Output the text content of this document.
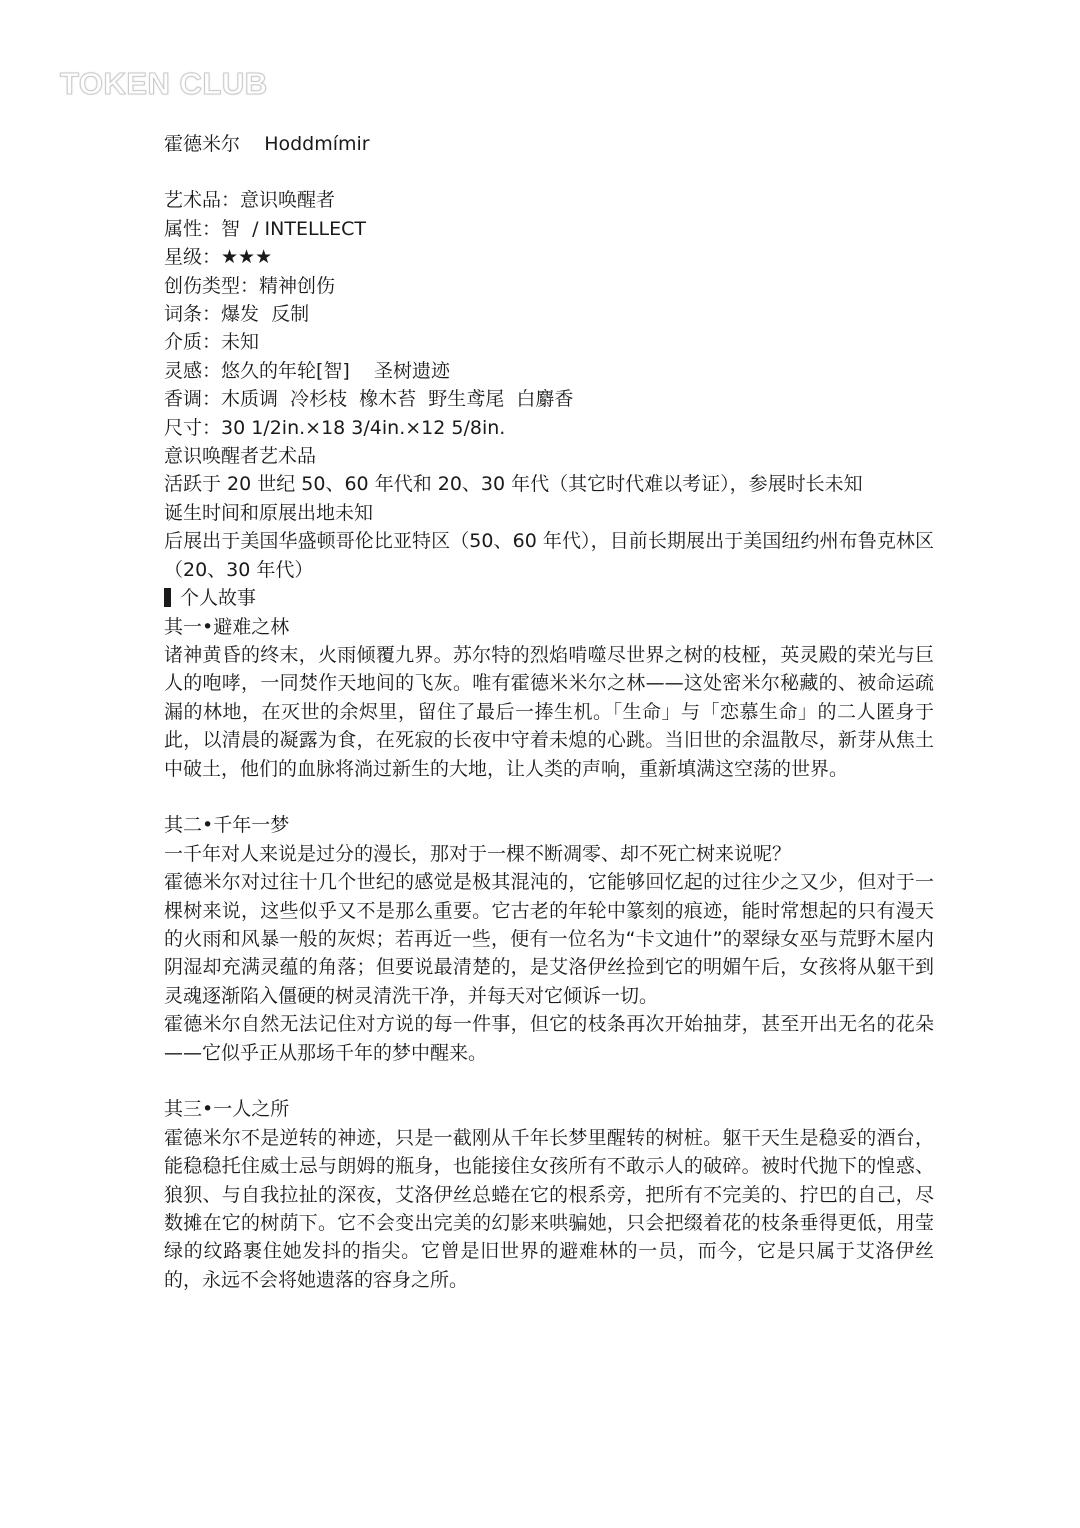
TOKEN CLUB
霍德米尔 Hoddmímir
艺术品：意识唤醒者
属性：智  / INTELLECT
星级：★★★
创伤类型：精神创伤
词条：爆发  反制
介质：未知
灵感：悠久的年轮[智]    圣树遗迹
香调：木质调  冷杉枝  橡木苔  野生鸢尾  白麝香
尺寸：30 1/2in.×18 3/4in.×12 5/8in.
意识唤醒者艺术品
活跃于 20 世纪 50、60 年代和 20、30 年代（其它时代难以考证），参展时长未知
诞生时间和原展出地未知
后展出于美国华盛顿哥伦比亚特区（50、60 年代），目前长期展出于美国纽约州布鲁克林区（20、30 年代）
个人故事
其一•避难之林

诸神黄昏的终末，火雨倾覆九界。苏尔特的烈焰啃噬尽世界之树的枝桠，英灵殿的荣光与巨人的咆哮，一同焚作天地间的飞灰。唯有霍德米米尔之林——这处密米尔秘藏的、被命运疏漏的林地，在灭世的余烬里，留住了最后一捧生机。「生命」与「恋慕生命」的二人匿身于此，以清晨的凝露为食，在死寂的长夜中守着未熄的心跳。当旧世的余温散尽，新芽从焦土中破土，他们的血脉将淌过新生的大地，让人类的声响，重新填满这空荡的世界。

其二•千年一梦

一千年对人来说是过分的漫长，那对于一棵不断凋零、却不死亡树来说呢？

霍德米尔对过往十几个世纪的感觉是极其混沌的，它能够回忆起的过往少之又少，但对于一棵树来说，这些似乎又不是那么重要。它古老的年轮中篆刻的痕迹，能时常想起的只有漫天的火雨和风暴一般的灰烬；若再近一些，便有一位名为“卡文迪什”的翠绿女巫与荒野木屋内阴湿却充满灵蕴的角落；但要说最清楚的，是艾洛伊丝捡到它的明媚午后，女孩将从躯干到灵魂逐渐陷入僵硬的树灵清洗干净，并每天对它倾诉一切。

霍德米尔自然无法记住对方说的每一件事，但它的枝条再次开始抽芽，甚至开出无名的花朵——它似乎正从那场千年的梦中醒来。

其三•一人之所

霍德米尔不是逆转的神迹，只是一截刚从千年长梦里醒转的树桩。躯干天生是稳妥的酒台，能稳稳托住威士忌与朗姆的瓶身，也能接住女孩所有不敢示人的破碎。被时代抛下的惶惑、狼狈、与自我拉扯的深夜，艾洛伊丝总蜷在它的根系旁，把所有不完美的、拧巴的自己，尽数摊在它的树荫下。它不会变出完美的幻影来哄骗她，只会把缀着花的枝条垂得更低，用莹绿的纹路裹住她发抖的指尖。它曾是旧世界的避难林的一员，而今，它是只属于艾洛伊丝的，永远不会将她遗落的容身之所。
